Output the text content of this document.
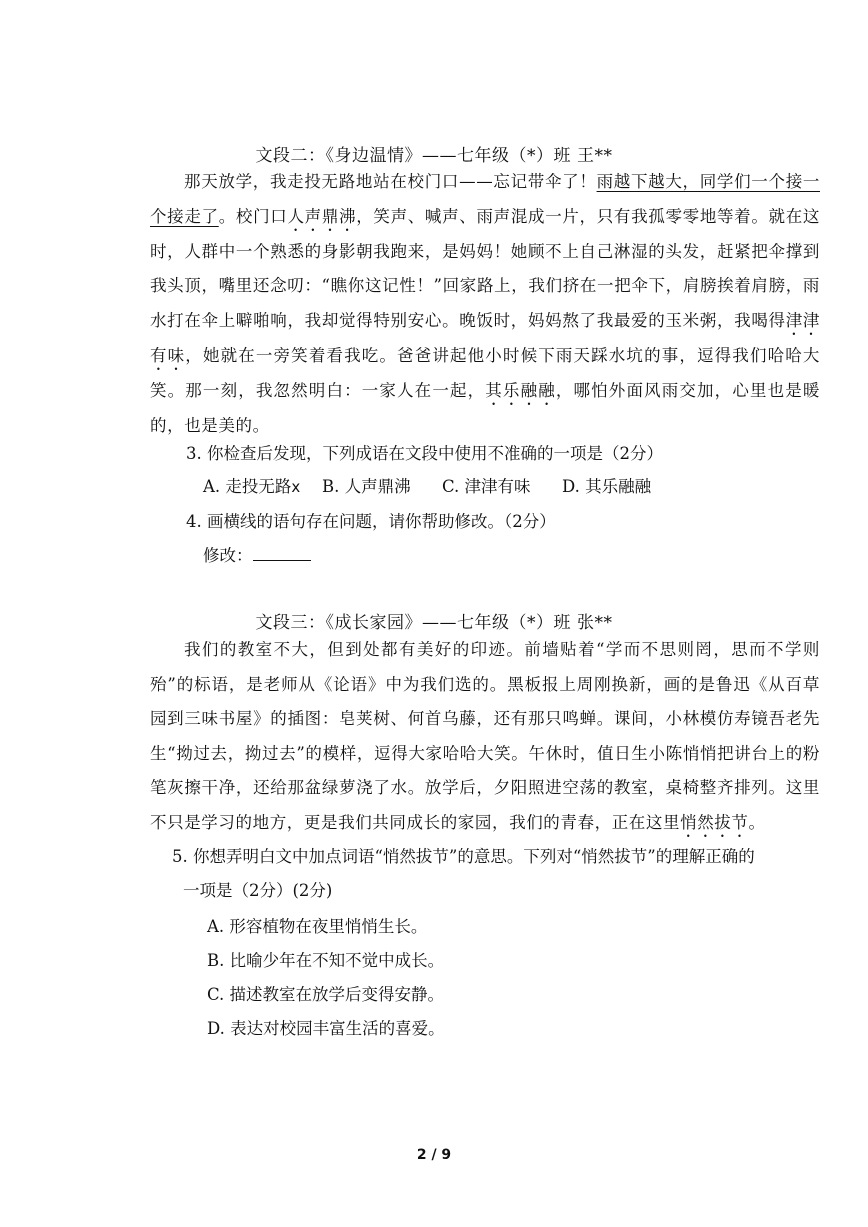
文段二：《身边温情》——七年级（*）班 王**

那天放学，我走投无路地站在校门口——忘记带伞了！雨越下越大，同学们一个接一个接走了。校门口人声鼎沸，笑声、喊声、雨声混成一片，只有我孤零零地等着。就在这时，人群中一个熟悉的身影朝我跑来，是妈妈！她顾不上自己淋湿的头发，赶紧把伞撑到我头顶，嘴里还念叨：“瞧你这记性！”回家路上，我们挤在一把伞下，肩膀挨着肩膀，雨水打在伞上噼啪响，我却觉得特别安心。晚饭时，妈妈熬了我最爱的玉米粥，我喝得津津有味，她就在一旁笑着看我吃。爸爸讲起他小时候下雨天踩水坑的事，逗得我们哈哈大笑。那一刻，我忽然明白：一家人在一起，其乐融融，哪怕外面风雨交加，心里也是暖的，也是美的。

3. 你检查后发现，下列成语在文段中使用不准确的一项是（2分）
A. 走投无路x B. 人声鼎沸 C. 津津有味 D. 其乐融融
4. 画横线的语句存在问题，请你帮助修改。（2分）
修改：
文段三：《成长家园》——七年级（*）班 张**

我们的教室不大，但到处都有美好的印迹。前墙贴着“学而不思则罔，思而不学则殆”的标语，是老师从《论语》中为我们选的。黑板报上周刚换新，画的是鲁迅《从百草园到三味书屋》的插图：皂荚树、何首乌藤，还有那只鸣蝉。课间，小林模仿寿镜吾老先生“拗过去，拗过去”的模样，逗得大家哈哈大笑。午休时，值日生小陈悄悄把讲台上的粉笔灰擦干净，还给那盆绿萝浇了水。放学后，夕阳照进空荡的教室，桌椅整齐排列。这里不只是学习的地方，更是我们共同成长的家园，我们的青春，正在这里悄然拔节。

5. 你想弄明白文中加点词语“悄然拔节”的意思。下列对“悄然拔节”的理解正确的
一项是（2分）(2分)
A. 形容植物在夜里悄悄生长。
B. 比喻少年在不知不觉中成长。
C. 描述教室在放学后变得安静。
D. 表达对校园丰富生活的喜爱。
2 / 9
